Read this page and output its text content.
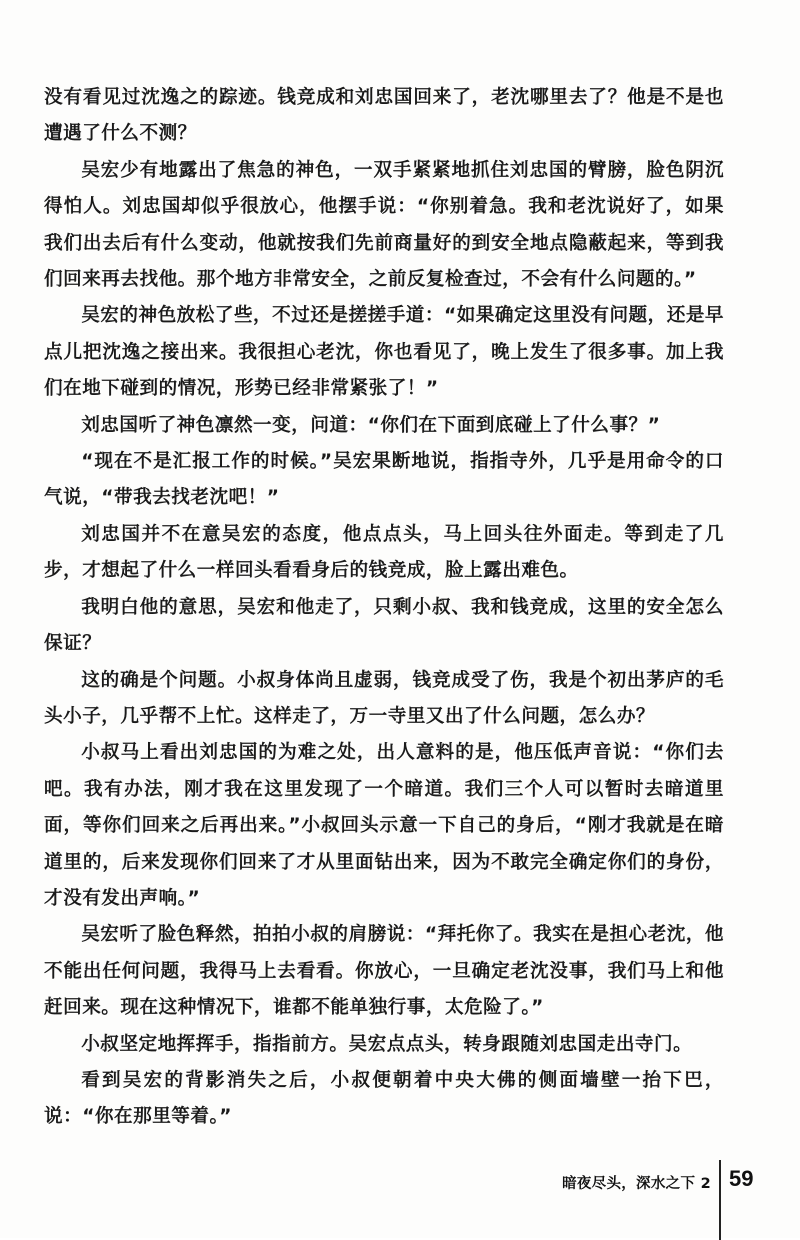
没有看见过沈逸之的踪迹。钱竞成和刘忠国回来了，老沈哪里去了？他是不是也遭遇了什么不测？

吴宏少有地露出了焦急的神色，一双手紧紧地抓住刘忠国的臂膀，脸色阴沉得怕人。刘忠国却似乎很放心，他摆手说：“你别着急。我和老沈说好了，如果我们出去后有什么变动，他就按我们先前商量好的到安全地点隐蔽起来，等到我们回来再去找他。那个地方非常安全，之前反复检查过，不会有什么问题的。”

吴宏的神色放松了些，不过还是搓搓手道：“如果确定这里没有问题，还是早点儿把沈逸之接出来。我很担心老沈，你也看见了，晚上发生了很多事。加上我们在地下碰到的情况，形势已经非常紧张了！”

刘忠国听了神色凛然一变，问道：“你们在下面到底碰上了什么事？”

“现在不是汇报工作的时候。”吴宏果断地说，指指寺外，几乎是用命令的口气说，“带我去找老沈吧！”

刘忠国并不在意吴宏的态度，他点点头，马上回头往外面走。等到走了几步，才想起了什么一样回头看看身后的钱竞成，脸上露出难色。

我明白他的意思，吴宏和他走了，只剩小叔、我和钱竞成，这里的安全怎么保证？

这的确是个问题。小叔身体尚且虚弱，钱竞成受了伤，我是个初出茅庐的毛头小子，几乎帮不上忙。这样走了，万一寺里又出了什么问题，怎么办？

小叔马上看出刘忠国的为难之处，出人意料的是，他压低声音说：“你们去吧。我有办法，刚才我在这里发现了一个暗道。我们三个人可以暂时去暗道里面，等你们回来之后再出来。”小叔回头示意一下自己的身后，“刚才我就是在暗道里的，后来发现你们回来了才从里面钻出来，因为不敢完全确定你们的身份，才没有发出声响。”

吴宏听了脸色释然，拍拍小叔的肩膀说：“拜托你了。我实在是担心老沈，他不能出任何问题，我得马上去看看。你放心，一旦确定老沈没事，我们马上和他赶回来。现在这种情况下，谁都不能单独行事，太危险了。”

小叔坚定地挥挥手，指指前方。吴宏点点头，转身跟随刘忠国走出寺门。

看到吴宏的背影消失之后，小叔便朝着中央大佛的侧面墙壁一抬下巴，说：“你在那里等着。”

暗夜尽头，深水之下 2 59
